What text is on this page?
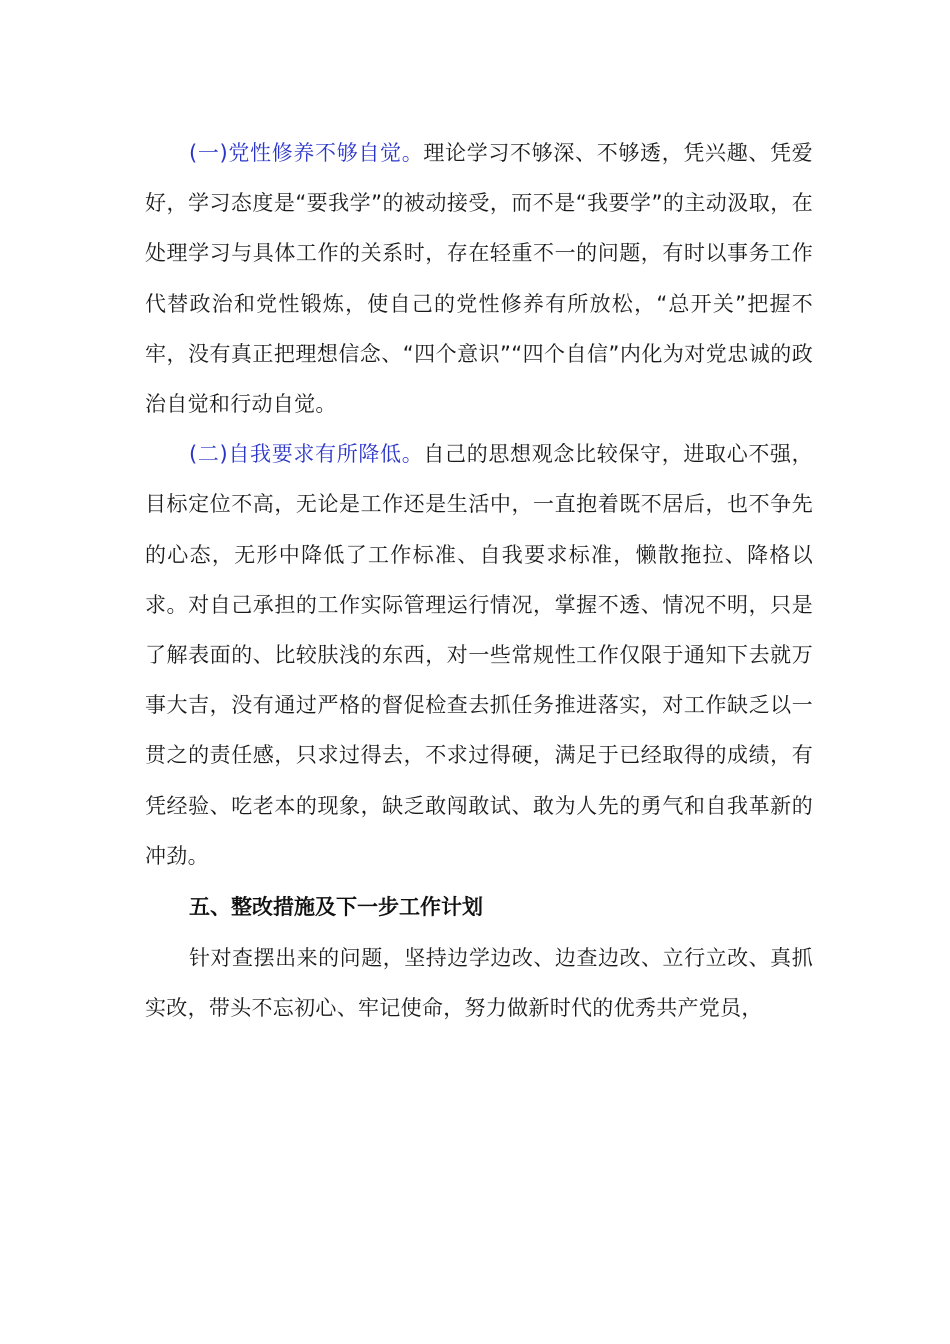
(一)党性修养不够自觉。理论学习不够深、不够透，凭兴趣、凭爱好，学习态度是“要我学”的被动接受，而不是“我要学”的主动汲取，在处理学习与具体工作的关系时，存在轻重不一的问题，有时以事务工作代替政治和党性锻炼，使自己的党性修养有所放松，“总开关”把握不牢，没有真正把理想信念、“四个意识”“四个自信”内化为对党忠诚的政治自觉和行动自觉。

(二)自我要求有所降低。自己的思想观念比较保守，进取心不强，目标定位不高，无论是工作还是生活中，一直抱着既不居后，也不争先的心态，无形中降低了工作标准、自我要求标准，懒散拖拉、降格以求。对自己承担的工作实际管理运行情况，掌握不透、情况不明，只是了解表面的、比较肤浅的东西，对一些常规性工作仅限于通知下去就万事大吉，没有通过严格的督促检查去抓任务推进落实，对工作缺乏以一贯之的责任感，只求过得去，不求过得硬，满足于已经取得的成绩，有凭经验、吃老本的现象，缺乏敢闯敢试、敢为人先的勇气和自我革新的冲劲。

五、整改措施及下一步工作计划

针对查摆出来的问题，坚持边学边改、边查边改、立行立改、真抓实改，带头不忘初心、牢记使命，努力做新时代的优秀共产党员，
